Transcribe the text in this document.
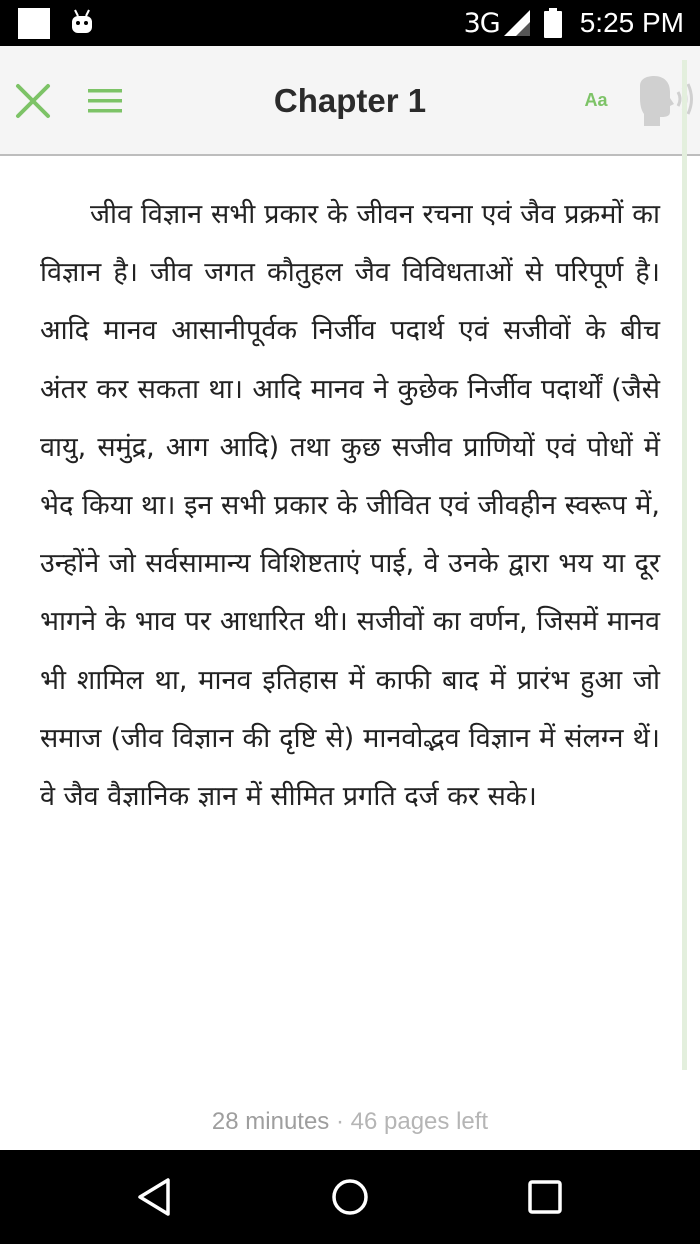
3G	5:25 PM
Chapter 1	Aa

जीव विज्ञान सभी प्रकार के जीवन रचना एवं जैव प्रक्रमों का विज्ञान है। जीव जगत कौतुहल जैव विविधताओं से परिपूर्ण है। आदि मानव आसानीपूर्वक निर्जीव पदार्थ एवं सजीवों के बीच अंतर कर सकता था। आदि मानव ने कुछेक निर्जीव पदार्थों (जैसे वायु, समुंद्र, आग आदि) तथा कुछ सजीव प्राणियों एवं पोधों में भेद किया था। इन सभी प्रकार के जीवित एवं जीवहीन स्वरूप में, उन्होंने जो सर्वसामान्य विशिष्टताएं पाई, वे उनके द्वारा भय या दूर भागने के भाव पर आधारित थी। सजीवों का वर्णन, जिसमें मानव भी शामिल था, मानव इतिहास में काफी बाद में प्रारंभ हुआ जो समाज (जीव विज्ञान की दृष्टि से) मानवोद्भव विज्ञान में संलग्न थें। वे जैव वैज्ञानिक ज्ञान में सीमित प्रगति दर्ज कर सके।

28 minutes · 46 pages left
